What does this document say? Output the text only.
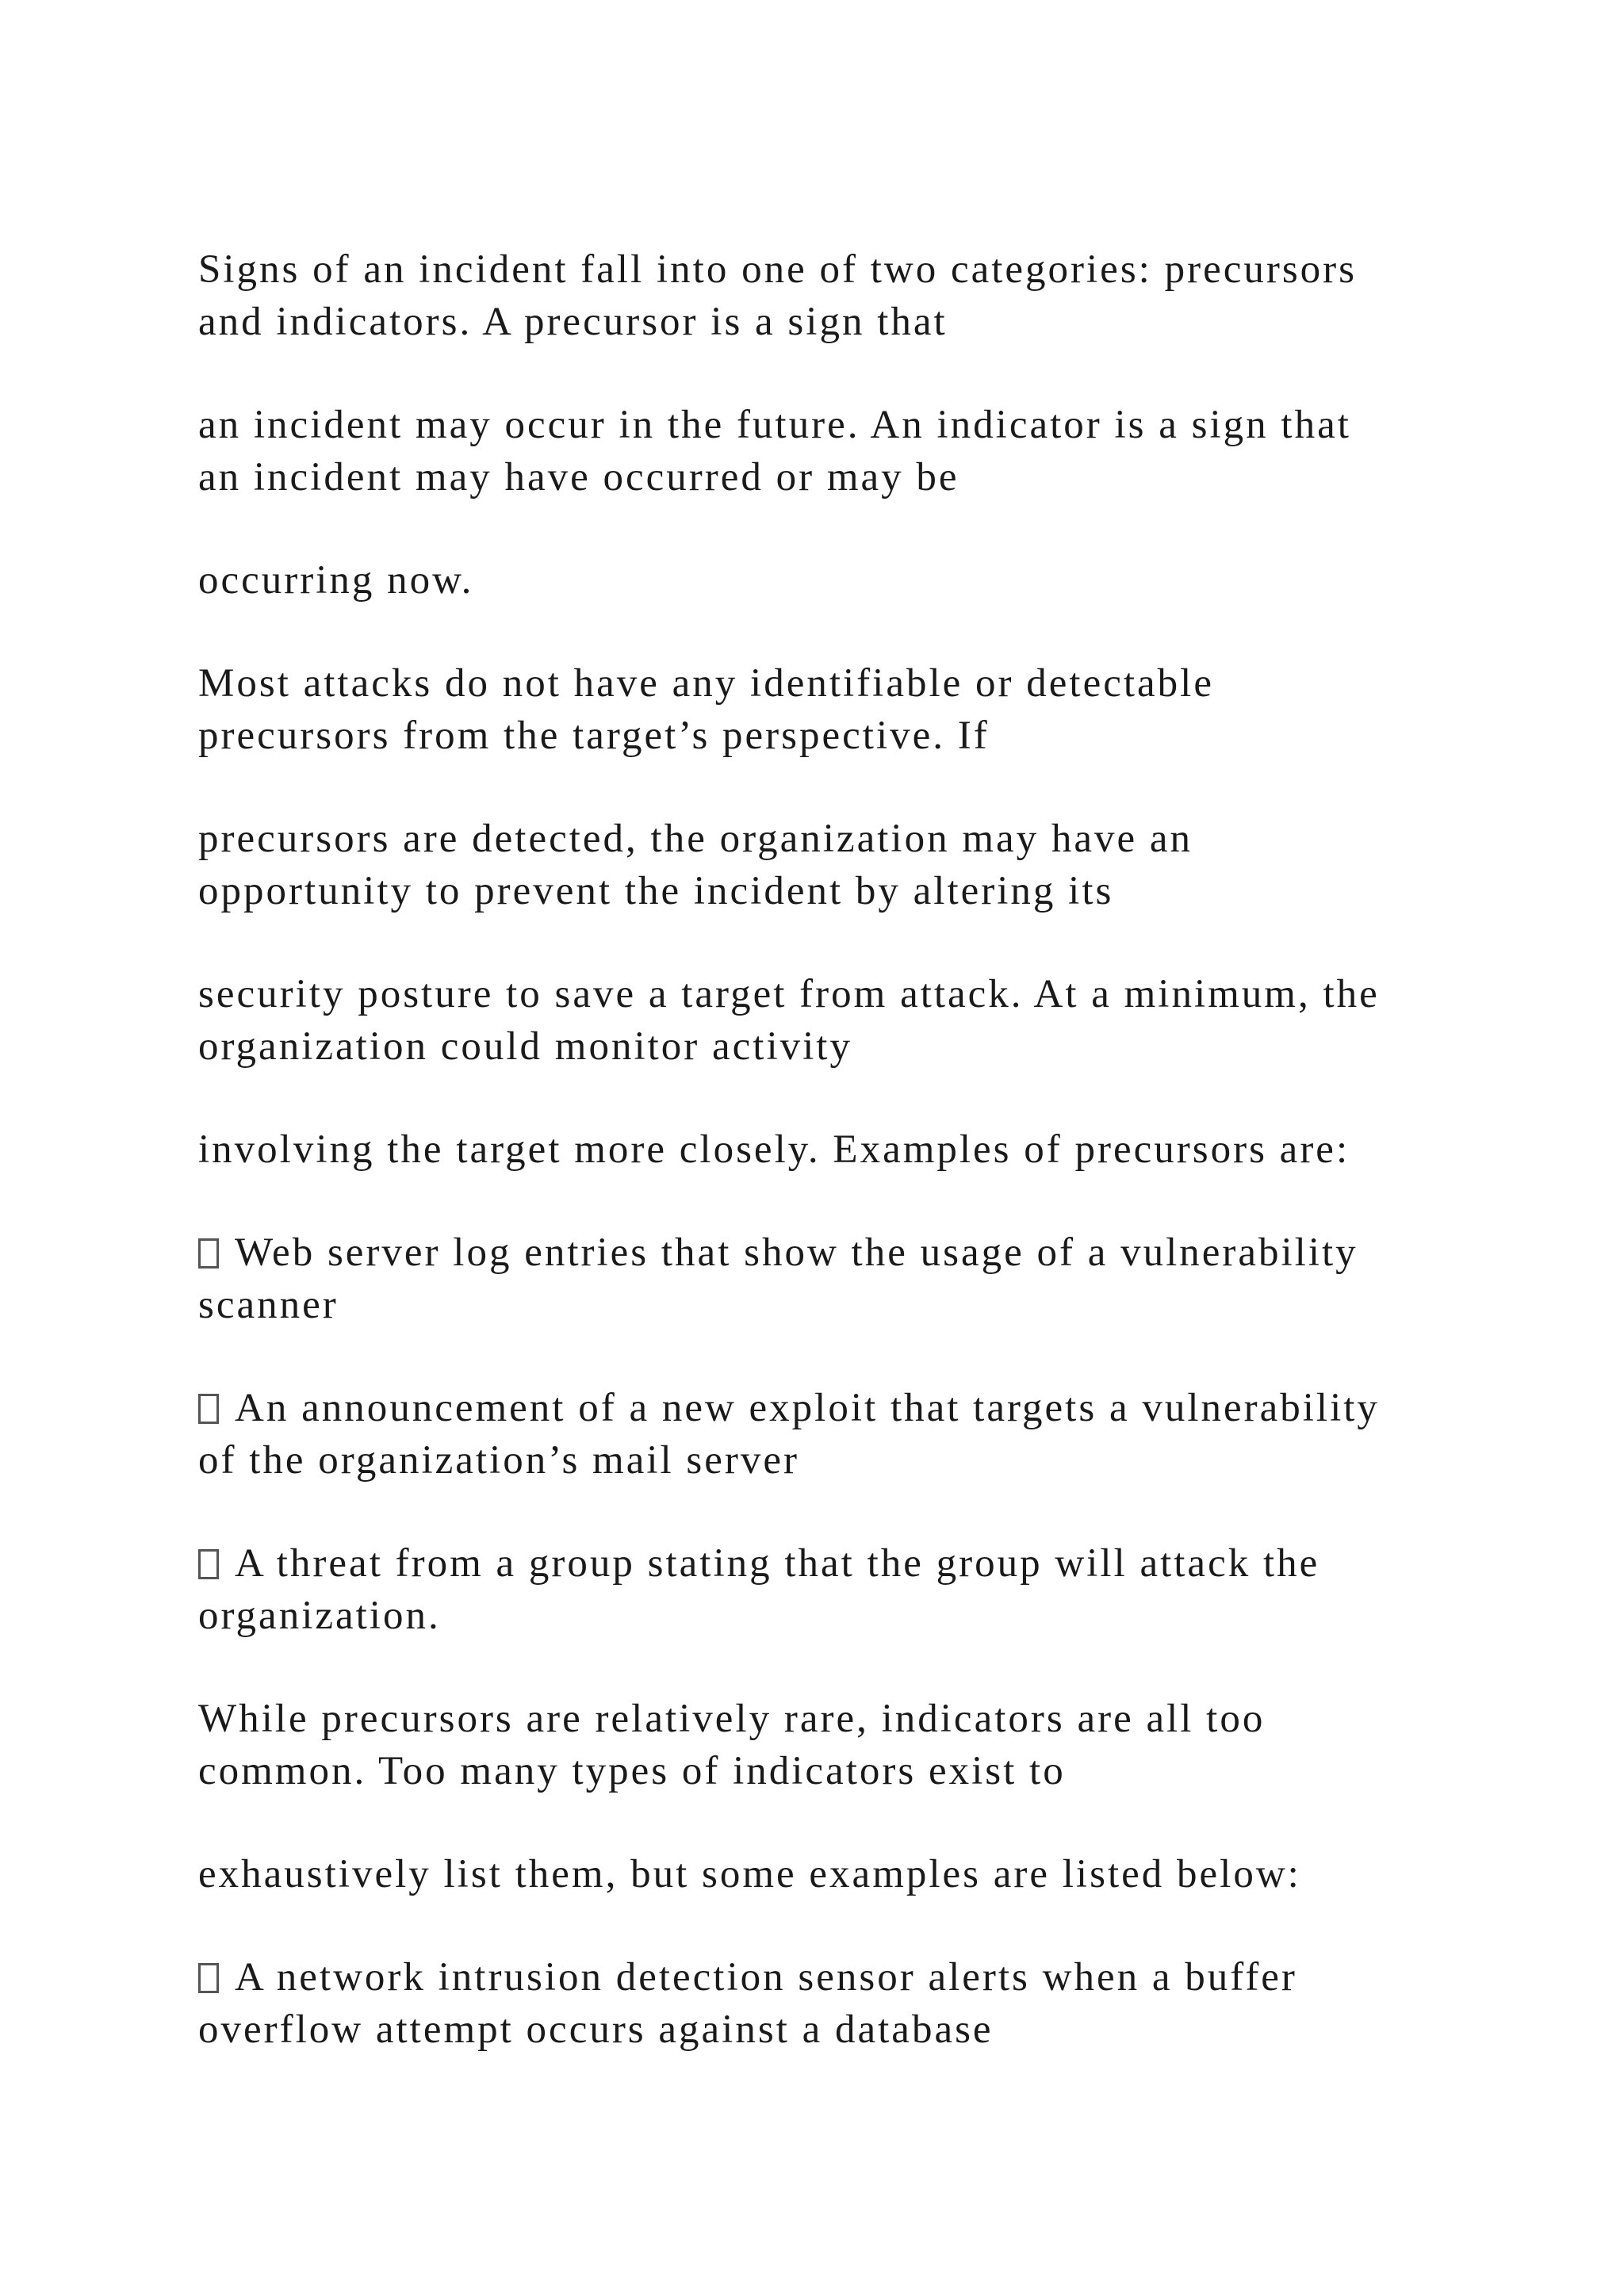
Signs of an incident fall into one of two categories: precursors
and indicators. A precursor is a sign that

an incident may occur in the future. An indicator is a sign that
an incident may have occurred or may be

occurring now.

Most attacks do not have any identifiable or detectable
precursors from the target’s perspective. If

precursors are detected, the organization may have an
opportunity to prevent the incident by altering its

security posture to save a target from attack. At a minimum, the
organization could monitor activity

involving the target more closely. Examples of precursors are:

Web server log entries that show the usage of a vulnerability
scanner

An announcement of a new exploit that targets a vulnerability
of the organization’s mail server

A threat from a group stating that the group will attack the
organization.

While precursors are relatively rare, indicators are all too
common. Too many types of indicators exist to

exhaustively list them, but some examples are listed below:

A network intrusion detection sensor alerts when a buffer
overflow attempt occurs against a database
